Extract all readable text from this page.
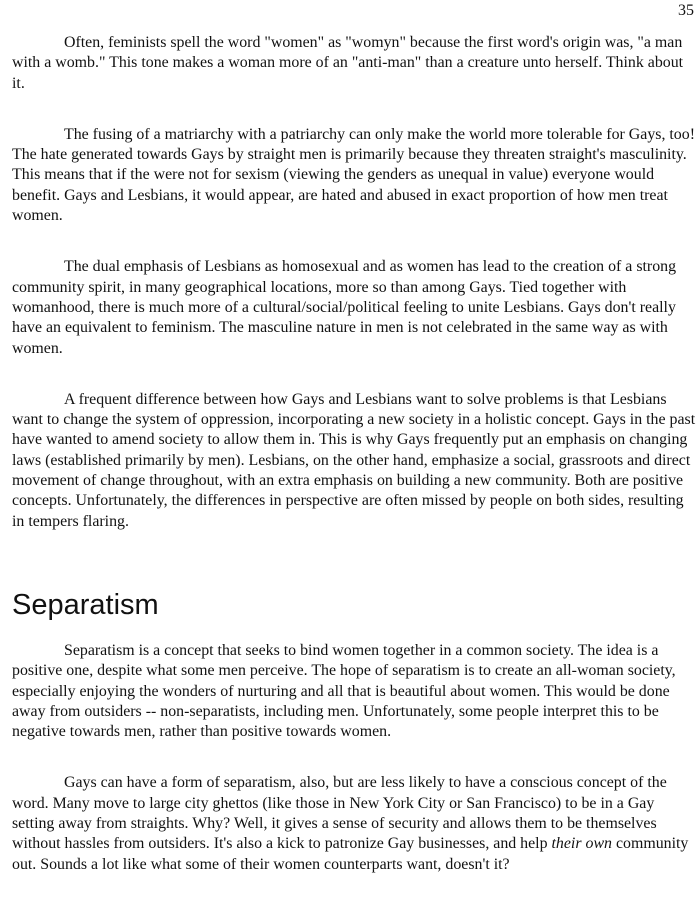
35

Often, feminists spell the word "women" as "womyn" because the first word's origin was, "a man with a womb." This tone makes a woman more of an "anti-man" than a creature unto herself. Think about it.

The fusing of a matriarchy with a patriarchy can only make the world more tolerable for Gays, too! The hate generated towards Gays by straight men is primarily because they threaten straight's masculinity. This means that if the were not for sexism (viewing the genders as unequal in value) everyone would benefit. Gays and Lesbians, it would appear, are hated and abused in exact proportion of how men treat women.

The dual emphasis of Lesbians as homosexual and as women has lead to the creation of a strong community spirit, in many geographical locations, more so than among Gays. Tied together with womanhood, there is much more of a cultural/social/political feeling to unite Lesbians. Gays don't really have an equivalent to feminism. The masculine nature in men is not celebrated in the same way as with women.

A frequent difference between how Gays and Lesbians want to solve problems is that Lesbians want to change the system of oppression, incorporating a new society in a holistic concept. Gays in the past have wanted to amend society to allow them in. This is why Gays frequently put an emphasis on changing laws (established primarily by men). Lesbians, on the other hand, emphasize a social, grassroots and direct movement of change throughout, with an extra emphasis on building a new community. Both are positive concepts. Unfortunately, the differences in perspective are often missed by people on both sides, resulting in tempers flaring.

Separatism

Separatism is a concept that seeks to bind women together in a common society. The idea is a positive one, despite what some men perceive. The hope of separatism is to create an all-woman society, especially enjoying the wonders of nurturing and all that is beautiful about women. This would be done away from outsiders -- non-separatists, including men. Unfortunately, some people interpret this to be negative towards men, rather than positive towards women.

Gays can have a form of separatism, also, but are less likely to have a conscious concept of the word. Many move to large city ghettos (like those in New York City or San Francisco) to be in a Gay setting away from straights. Why? Well, it gives a sense of security and allows them to be themselves without hassles from outsiders. It's also a kick to patronize Gay businesses, and help their own community out. Sounds a lot like what some of their women counterparts want, doesn't it?
